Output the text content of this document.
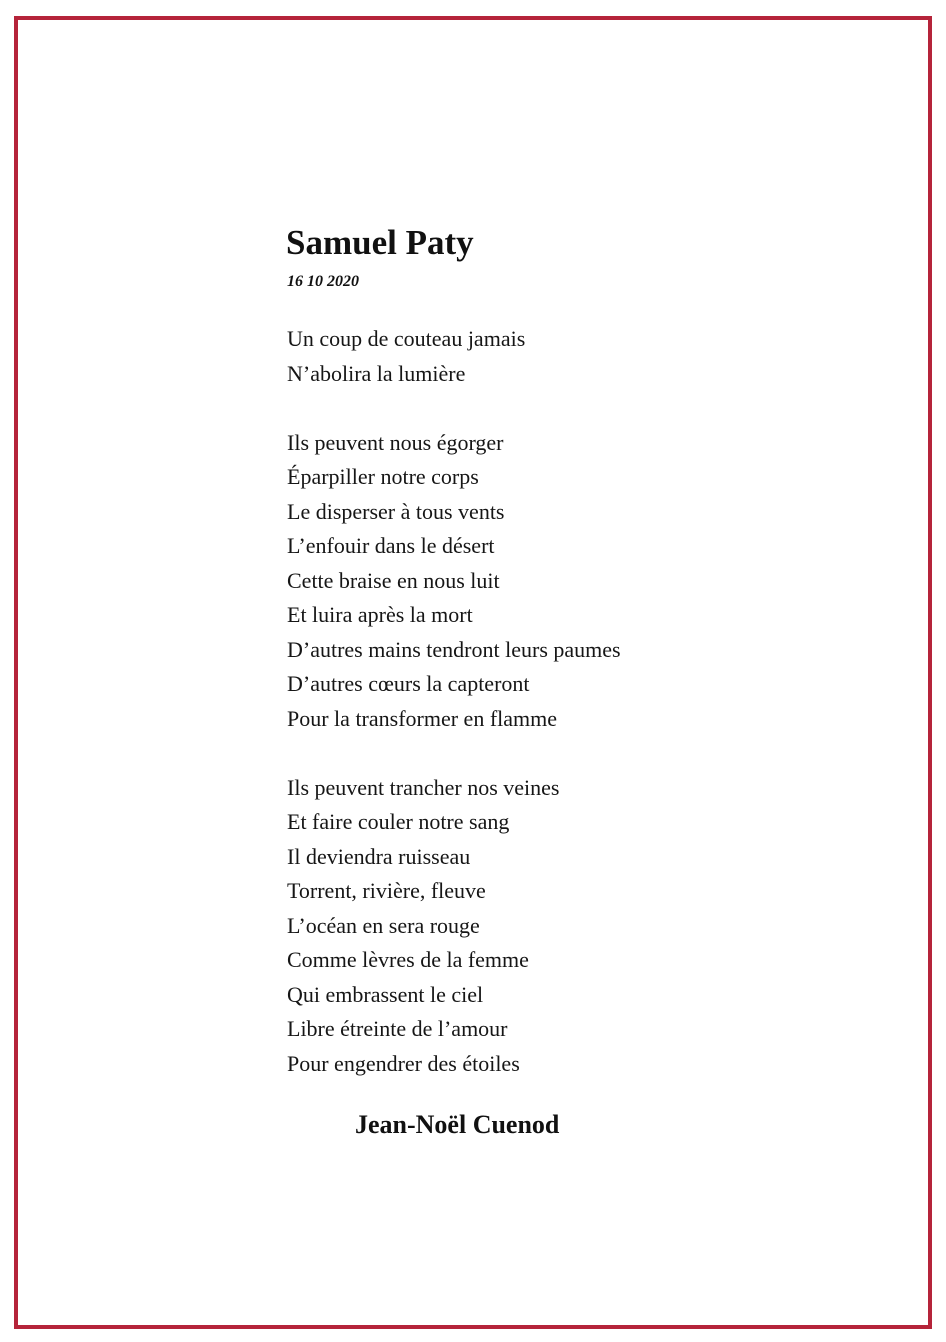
Samuel Paty
16 10 2020
Un coup de couteau jamais
N’abolira la lumière
Ils peuvent nous égorger
Éparpiller notre corps
Le disperser à tous vents
L’enfouir dans le désert
Cette braise en nous luit
Et luira après la mort
D’autres mains tendront leurs paumes
D’autres cœurs la capteront
Pour la transformer en flamme
Ils peuvent trancher nos veines
Et faire couler notre sang
Il deviendra ruisseau
Torrent, rivière, fleuve
L’océan en sera rouge
Comme lèvres de la femme
Qui embrassent le ciel
Libre étreinte de l’amour
Pour engendrer des étoiles
Jean-Noël Cuenod
